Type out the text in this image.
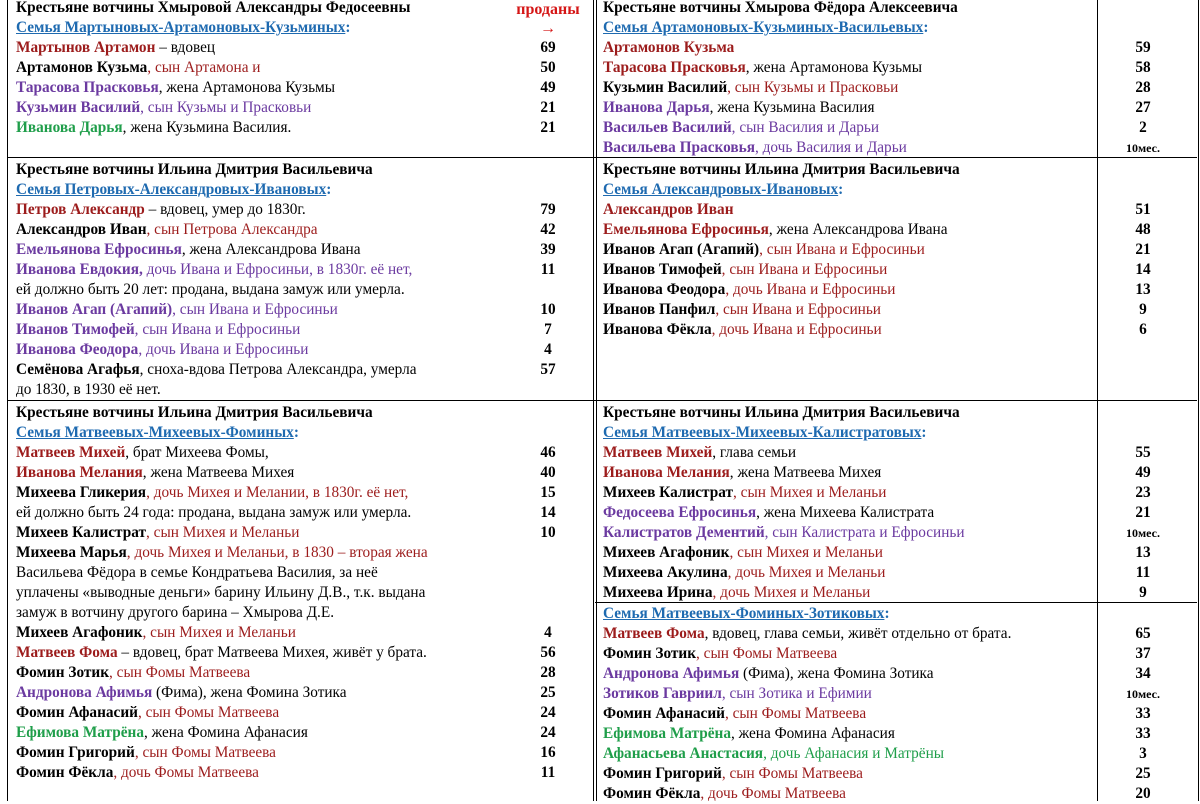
проданы
→
Крестьяне вотчины Хмыровой Александры Федосеевны
Семья Мартыновых-Артамоновых-Кузьминых:
Мартынов Артамон – вдовец	69
Артамонов Кузьма, сын Артамона и	50
Тарасова Прасковья, жена Артамонова Кузьмы	49
Кузьмин Василий, сын Кузьмы и Прасковьи	21
Иванова Дарья, жена Кузьмина Василия.	21
Крестьяне вотчины Хмырова Фёдора Алексеевича
Семья Артамоновых-Кузьминых-Васильевых:
Артамонов Кузьма	59
Тарасова Прасковья, жена Артамонова Кузьмы	58
Кузьмин Василий, сын Кузьмы и Прасковьи	28
Иванова Дарья, жена Кузьмина Василия	27
Васильев Василий, сын Василия и Дарьи	2
Васильева Прасковья, дочь Василия и Дарьи	10мес.
Крестьяне вотчины Ильина Дмитрия Васильевича
Семья Петровых-Александровых-Ивановых:
Петров Александр – вдовец, умер до 1830г.	79
Александров Иван, сын Петрова Александра	42
Емельянова Ефросинья, жена Александрова Ивана	39
Иванова Евдокия, дочь Ивана и Ефросиньи, в 1830г. её нет,	11
ей должно быть 20 лет: продана, выдана замуж или умерла.
Иванов Агап (Агапий), сын Ивана и Ефросиньи	10
Иванов Тимофей, сын Ивана и Ефросиньи	7
Иванова Феодора, дочь Ивана и Ефросиньи	4
Семёнова Агафья, сноха-вдова Петрова Александра, умерла	57
до 1830, в 1930 её нет.
Крестьяне вотчины Ильина Дмитрия Васильевича
Семья Александровых-Ивановых:
Александров Иван	51
Емельянова Ефросинья, жена Александрова Ивана	48
Иванов Агап (Агапий), сын Ивана и Ефросиньи	21
Иванов Тимофей, сын Ивана и Ефросиньи	14
Иванова Феодора, дочь Ивана и Ефросиньи	13
Иванов Панфил, сын Ивана и Ефросиньи	9
Иванова Фёкла, дочь Ивана и Ефросиньи	6
Крестьяне вотчины Ильина Дмитрия Васильевича
Семья Матвеевых-Михеевых-Фоминых:
Матвеев Михей, брат Михеева Фомы,	46
Иванова Мелания, жена Матвеева Михея	40
Михеева Гликерия, дочь Михея и Мелании, в 1830г. её нет,	15
ей должно быть 24 года: продана, выдана замуж или умерла.	14
Михеев Калистрат, сын Михея и Меланьи	10
Михеева Марья, дочь Михея и Меланьи, в 1830 – вторая жена
Васильева Фёдора в семье Кондратьева Василия, за неё
уплачены «выводные деньги» барину Ильину Д.В., т.к. выдана
замуж в вотчину другого барина – Хмырова Д.Е.
Михеев Агафоник, сын Михея и Меланьи	4
Матвеев Фома – вдовец, брат Матвеева Михея, живёт у брата.	56
Фомин Зотик, сын Фомы Матвеева	28
Андронова Афимья (Фима), жена Фомина Зотика	25
Фомин Афанасий, сын Фомы Матвеева	24
Ефимова Матрёна, жена Фомина Афанасия	24
Фомин Григорий, сын Фомы Матвеева	16
Фомин Фёкла, дочь Фомы Матвеева	11
Крестьяне вотчины Ильина Дмитрия Васильевича
Семья Матвеевых-Михеевых-Калистратовых:
Матвеев Михей, глава семьи	55
Иванова Мелания, жена Матвеева Михея	49
Михеев Калистрат, сын Михея и Меланьи	23
Федосеева Ефросинья, жена Михеева Калистрата	21
Калистратов Дементий, сын Калистрата и Ефросиньи	10мес.
Михеев Агафоник, сын Михея и Меланьи	13
Михеева Акулина, дочь Михея и Меланьи	11
Михеева Ирина, дочь Михея и Меланьи	9
Семья Матвеевых-Фоминых-Зотиковых:
Матвеев Фома, вдовец, глава семьи, живёт отдельно от брата.	65
Фомин Зотик, сын Фомы Матвеева	37
Андронова Афимья (Фима), жена Фомина Зотика	34
Зотиков Гавриил, сын Зотика и Ефимии	10мес.
Фомин Афанасий, сын Фомы Матвеева	33
Ефимова Матрёна, жена Фомина Афанасия	33
Афанасьева Анастасия, дочь Афанасия и Матрёны	3
Фомин Григорий, сын Фомы Матвеева	25
Фомин Фёкла, дочь Фомы Матвеева	20
